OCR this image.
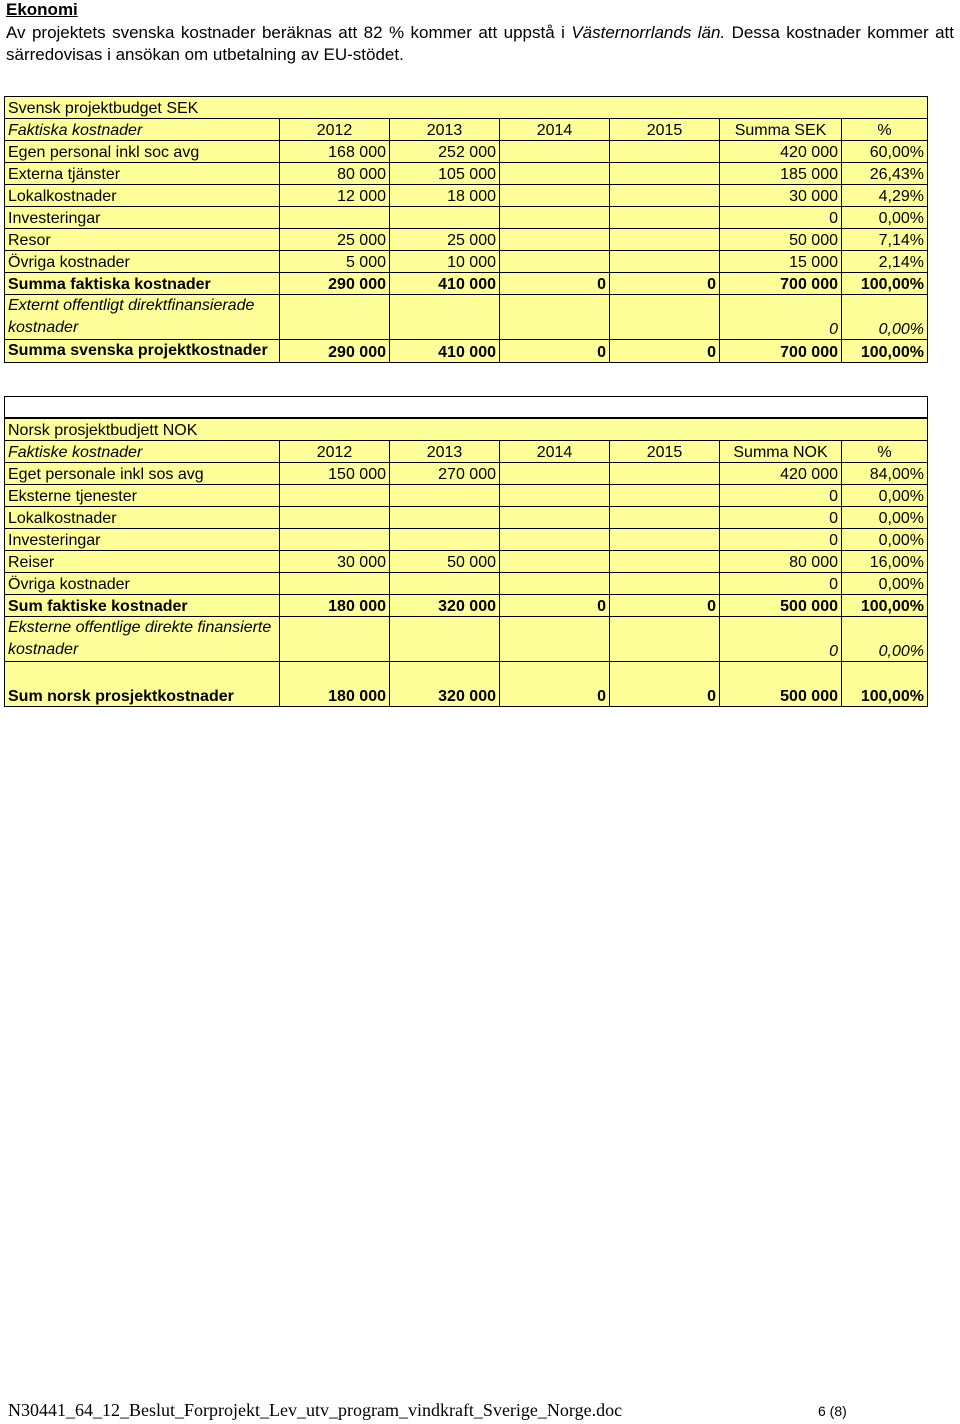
Ekonomi
Av projektets svenska kostnader beräknas att 82 % kommer att uppstå i Västernorrlands län. Dessa kostnader kommer att särredovisas i ansökan om utbetalning av EU-stödet.
Svensk projektbudget SEK						
Faktiska kostnader	2012	2013	2014	2015	Summa SEK	%
Egen personal inkl soc avg	168 000	252 000			420 000	60,00%
Externa tjänster	80 000	105 000			185 000	26,43%
Lokalkostnader	12 000	18 000			30 000	4,29%
Investeringar					0	0,00%
Resor	25 000	25 000			50 000	7,14%
Övriga kostnader	5 000	10 000			15 000	2,14%
Summa faktiska kostnader	290 000	410 000	0	0	700 000	100,00%
Externt offentligt direktfinansierade kostnader					0	0,00%
Summa svenska projektkostnader	290 000	410 000	0	0	700 000	100,00%
Norsk prosjektbudjett NOK						
Faktiske kostnader	2012	2013	2014	2015	Summa NOK	%
Eget personale inkl sos avg	150 000	270 000			420 000	84,00%
Eksterne tjenester					0	0,00%
Lokalkostnader					0	0,00%
Investeringar					0	0,00%
Reiser	30 000	50 000			80 000	16,00%
Övriga kostnader					0	0,00%
Sum faktiske kostnader	180 000	320 000	0	0	500 000	100,00%
Eksterne offentlige direkte finansierte kostnader					0	0,00%
Sum norsk prosjektkostnader	180 000	320 000	0	0	500 000	100,00%
N30441_64_12_Beslut_Forprojekt_Lev_utv_program_vindkraft_Sverige_Norge.doc	6 (8)
